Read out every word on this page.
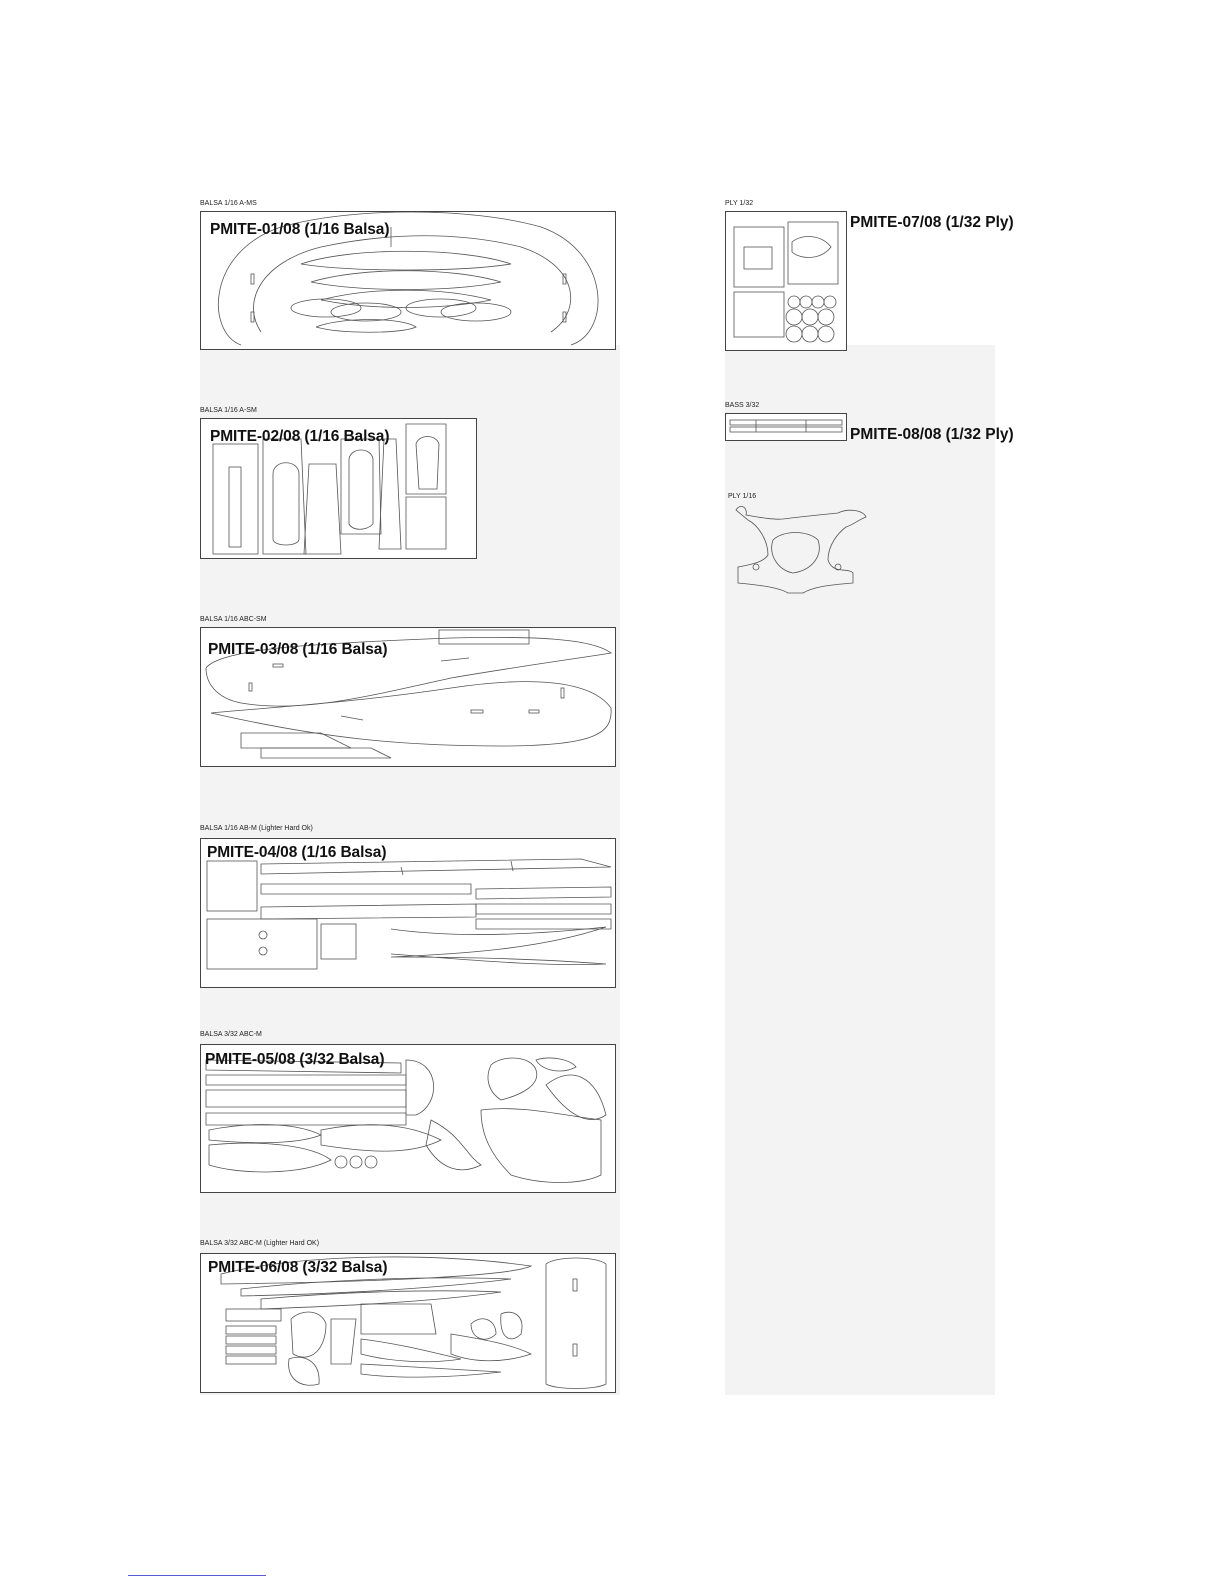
BALSA 1/16 A-MS
PMITE-01/08 (1/16 Balsa)
BALSA 1/16 A-SM
PMITE-02/08 (1/16 Balsa)
BALSA 1/16 ABC-SM
PMITE-03/08 (1/16 Balsa)
BALSA 1/16 AB-M (Lighter Hard Ok)
PMITE-04/08 (1/16 Balsa)
BALSA 3/32 ABC-M
PMITE-05/08 (3/32 Balsa)
BALSA 3/32 ABC-M (Lighter Hard OK)
PMITE-06/08 (3/32 Balsa)
PLY 1/32
PMITE-07/08 (1/32 Ply)
BASS 3/32
PMITE-08/08 (1/32 Ply)
PLY 1/16
